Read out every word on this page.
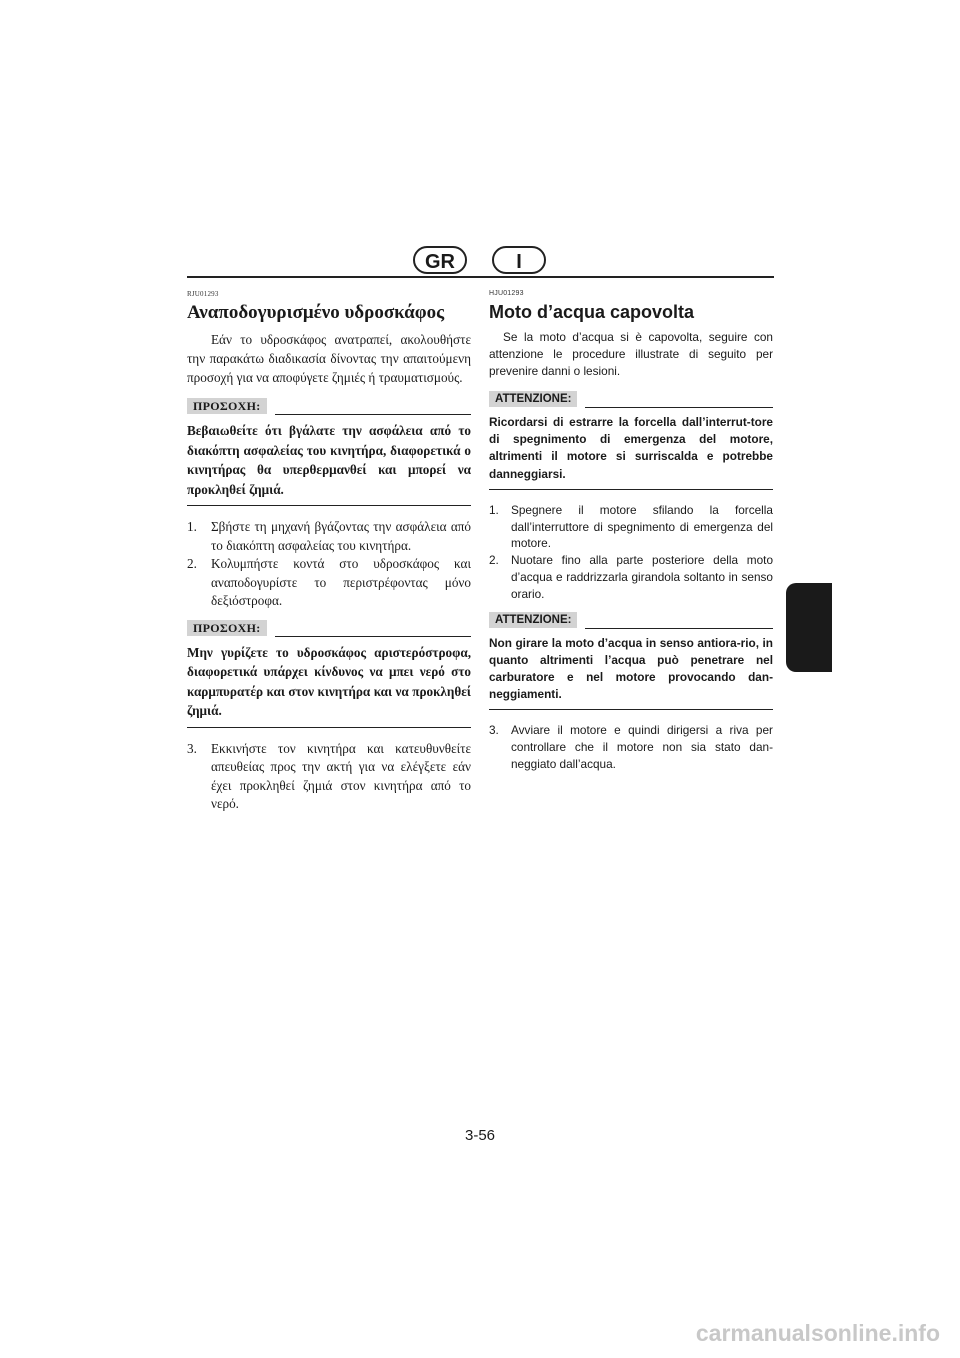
GR	I
RJU01293
Αναποδογυρισμένο υδροσκάφος

Εάν το υδροσκάφος ανατραπεί, ακολουθήστε την παρακάτω διαδικασία δίνοντας την απαιτούμενη προσοχή για να αποφύγετε ζημιές ή τραυματισμούς.

ΠΡΟΣΟΧΗ:
Βεβαιωθείτε ότι βγάλατε την ασφάλεια από το διακόπτη ασφαλείας του κινητήρα, διαφορετικά ο κινητήρας θα υπερθερμανθεί και μπορεί να προκληθεί ζημιά.
1. Σβήστε τη μηχανή βγάζοντας την ασφάλεια από το διακόπτη ασφαλείας του κινητήρα.
2. Κολυμπήστε κοντά στο υδροσκάφος και αναποδογυρίστε το περιστρέφοντας μόνο δεξιόστροφα.
ΠΡΟΣΟΧΗ:
Μην γυρίζετε το υδροσκάφος αριστερόστροφα, διαφορετικά υπάρχει κίνδυνος να μπει νερό στο καρμπυρατέρ και στον κινητήρα και να προκληθεί ζημιά.
3. Εκκινήστε τον κινητήρα και κατευθυνθείτε απευθείας προς την ακτή για να ελέγξετε εάν έχει προκληθεί ζημιά στον κινητήρα από το νερό.
HJU01293
Moto d’acqua capovolta

Se la moto d’acqua si è capovolta, seguire con attenzione le procedure illustrate di seguito per prevenire danni o lesioni.

ATTENZIONE:
Ricordarsi di estrarre la forcella dall’interrut-tore di spegnimento di emergenza del motore, altrimenti il motore si surriscalda e potrebbe danneggiarsi.
1. Spegnere il motore sfilando la forcella dall’interruttore di spegnimento di emergenza del motore.
2. Nuotare fino alla parte posteriore della moto d’acqua e raddrizzarla girandola soltanto in senso orario.
ATTENZIONE:
Non girare la moto d’acqua in senso antiora-rio, in quanto altrimenti l’acqua può penetrare nel carburatore e nel motore provocando dan-neggiamenti.
3. Avviare il motore e quindi dirigersi a riva per controllare che il motore non sia stato dan-neggiato dall’acqua.
3-56
carmanualsonline.info
